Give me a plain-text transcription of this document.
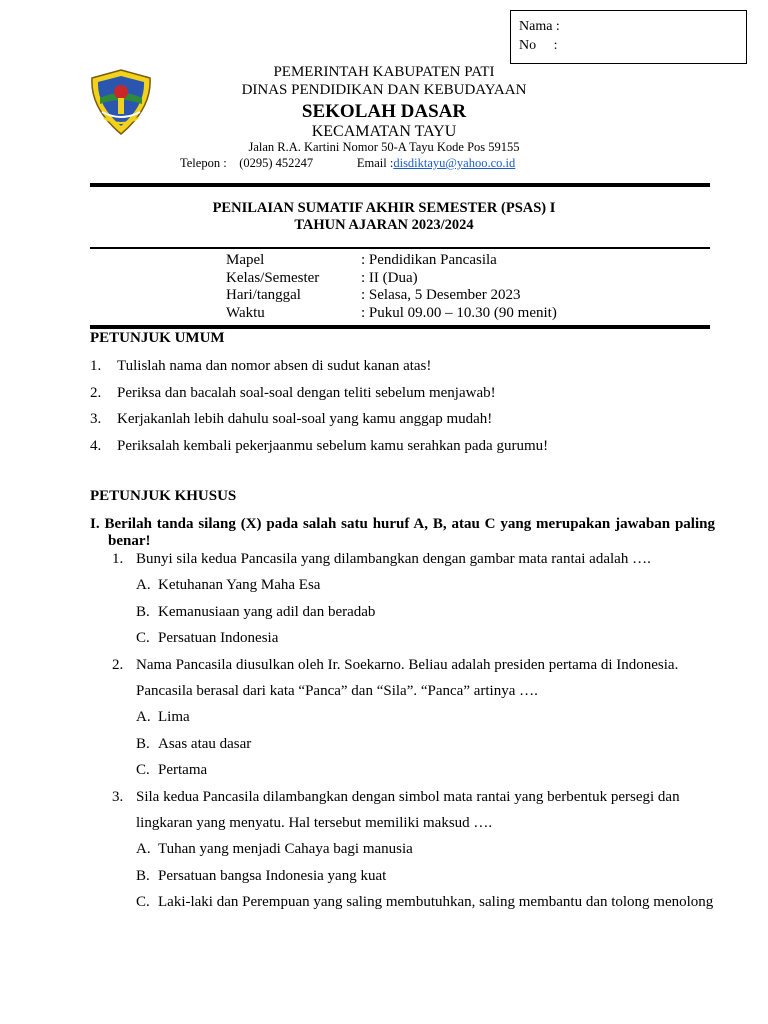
Nama :
No     :
PEMERINTAH KABUPATEN PATI
DINAS PENDIDIKAN DAN KEBUDAYAAN
SEKOLAH DASAR
KECAMATAN TAYU
Jalan R.A. Kartini Nomor 50-A Tayu Kode Pos 59155
Telepon : (0295) 452247	Email :disdiktayu@yahoo.co.id
PENILAIAN SUMATIF AKHIR SEMESTER (PSAS) I
TAHUN AJARAN 2023/2024
Mapel	: Pendidikan Pancasila
Kelas/Semester	: II (Dua)
Hari/tanggal	: Selasa, 5 Desember 2023
Waktu	: Pukul 09.00 – 10.30 (90 menit)
PETUNJUK UMUM
1.	Tulislah nama dan nomor absen di sudut kanan atas!
2.	Periksa dan bacalah soal-soal dengan teliti sebelum menjawab!
3.	Kerjakanlah lebih dahulu soal-soal yang kamu anggap mudah!
4.	Periksalah kembali pekerjaanmu sebelum kamu serahkan pada gurumu!
PETUNJUK KHUSUS
I. Berilah tanda silang (X) pada salah satu huruf A, B, atau C yang merupakan jawaban paling benar!
1. Bunyi sila kedua Pancasila yang dilambangkan dengan gambar mata rantai adalah ….
A. Ketuhanan Yang Maha Esa
B. Kemanusiaan yang adil dan beradab
C. Persatuan Indonesia
2. Nama Pancasila diusulkan oleh Ir. Soekarno. Beliau adalah presiden pertama di Indonesia. Pancasila berasal dari kata “Panca” dan “Sila”. “Panca” artinya ….
A. Lima
B. Asas atau dasar
C. Pertama
3. Sila kedua Pancasila dilambangkan dengan simbol mata rantai yang berbentuk persegi dan lingkaran yang menyatu. Hal tersebut memiliki maksud ….
A. Tuhan yang menjadi Cahaya bagi manusia
B. Persatuan bangsa Indonesia yang kuat
C. Laki-laki dan Perempuan yang saling membutuhkan, saling membantu dan tolong menolong
